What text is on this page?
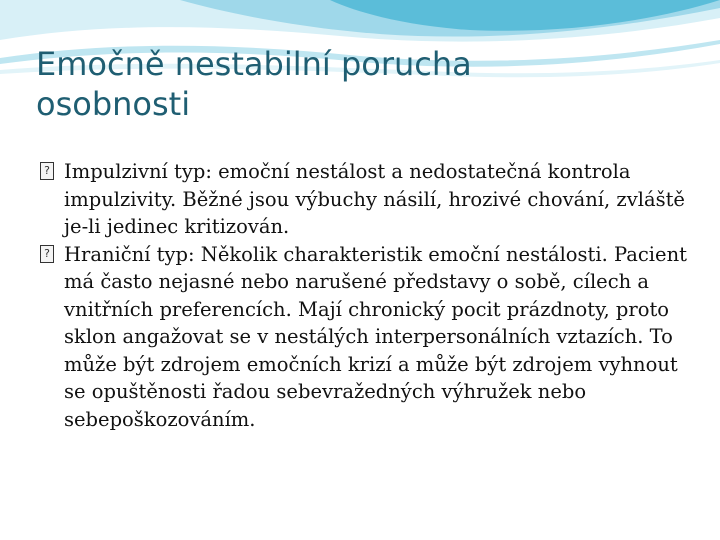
Emočně nestabilní porucha osobnosti

? Impulzivní typ: emoční nestálost a nedostatečná kontrola impulzivity. Běžné jsou výbuchy násilí, hrozivé chování, zvláště je-li jedinec kritizován.

? Hraniční typ: Několik charakteristik emoční nestálosti. Pacient má často nejasné nebo narušené představy o sobě, cílech a vnitřních preferencích. Mají chronický pocit prázdnoty, proto sklon angažovat se v nestálých interpersonálních vztazích. To může být zdrojem emočních krizí a může být zdrojem vyhnout se opuštěnosti řadou sebevražedných výhružek nebo sebepoškozováním.
